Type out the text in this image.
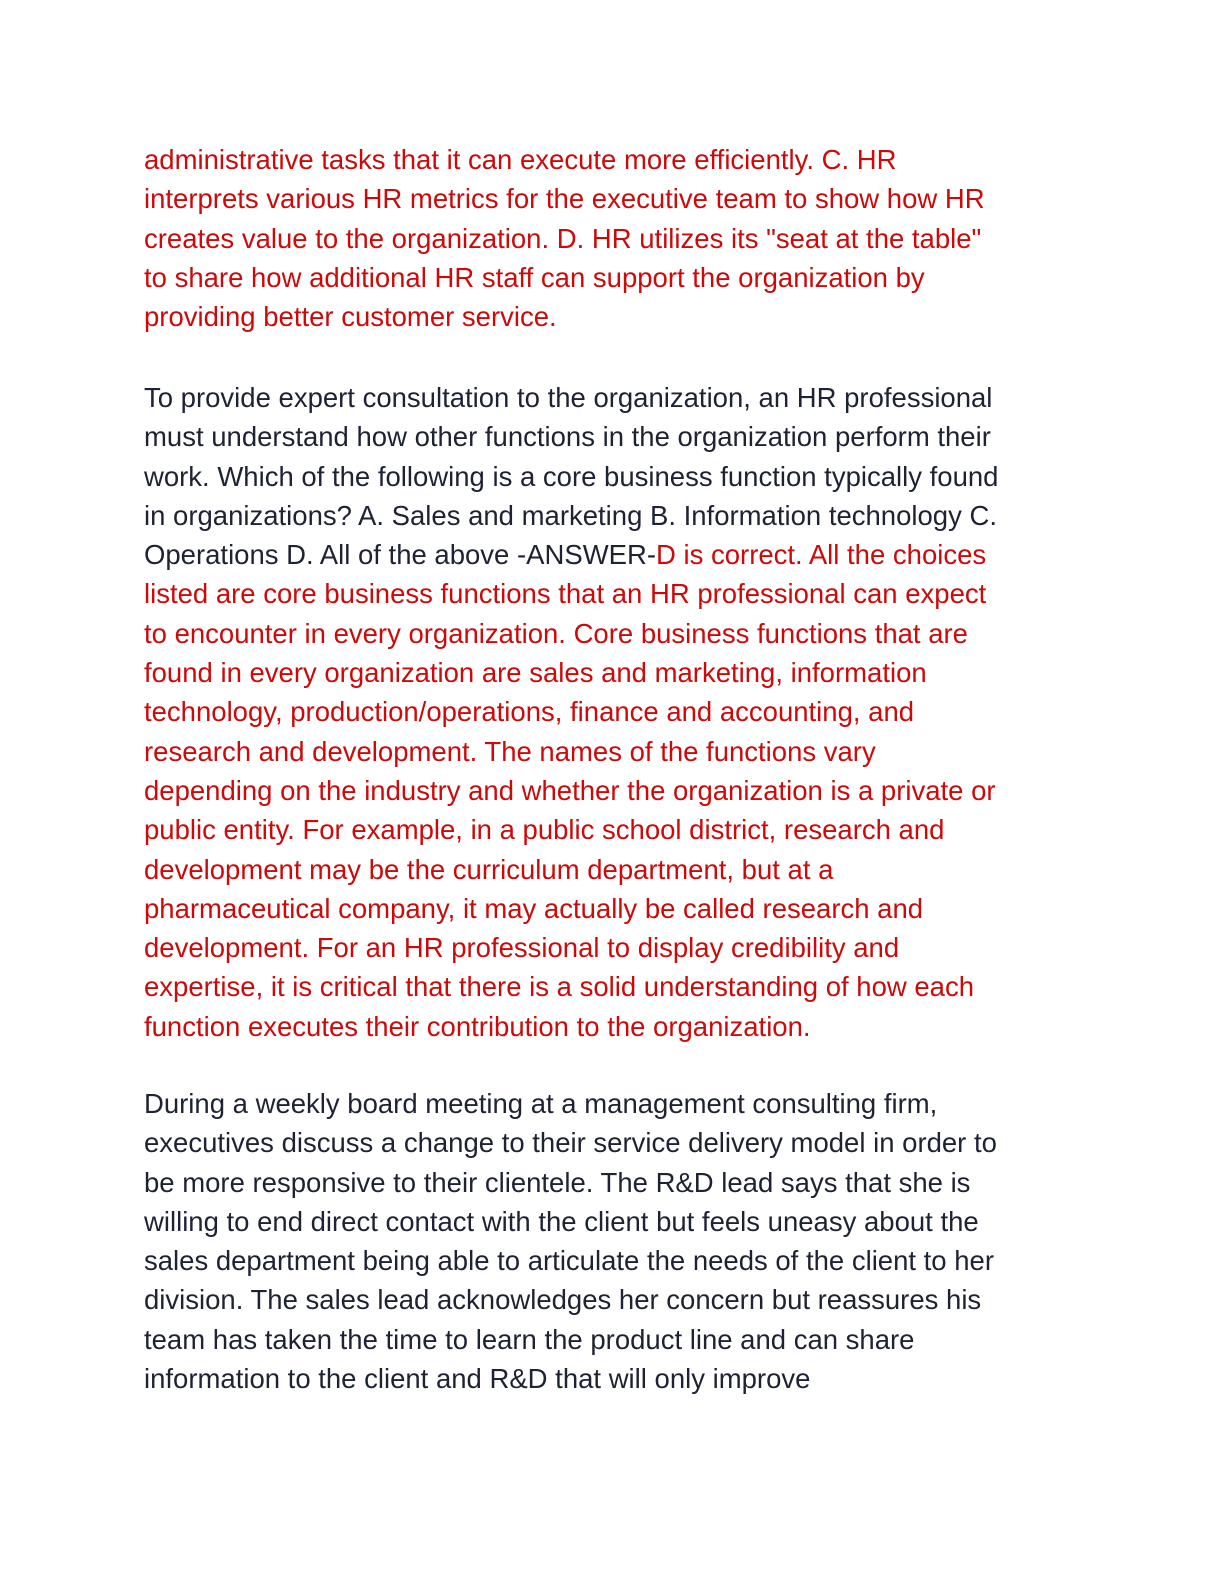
administrative tasks that it can execute more efficiently. C. HR
interprets various HR metrics for the executive team to show how HR
creates value to the organization. D. HR utilizes its "seat at the table"
to share how additional HR staff can support the organization by
providing better customer service.

To provide expert consultation to the organization, an HR professional
must understand how other functions in the organization perform their
work. Which of the following is a core business function typically found
in organizations? A. Sales and marketing B. Information technology C.
Operations D. All of the above -ANSWER-D is correct. All the choices
listed are core business functions that an HR professional can expect
to encounter in every organization. Core business functions that are
found in every organization are sales and marketing, information
technology, production/operations, finance and accounting, and
research and development. The names of the functions vary
depending on the industry and whether the organization is a private or
public entity. For example, in a public school district, research and
development may be the curriculum department, but at a
pharmaceutical company, it may actually be called research and
development. For an HR professional to display credibility and
expertise, it is critical that there is a solid understanding of how each
function executes their contribution to the organization.

During a weekly board meeting at a management consulting firm,
executives discuss a change to their service delivery model in order to
be more responsive to their clientele. The R&D lead says that she is
willing to end direct contact with the client but feels uneasy about the
sales department being able to articulate the needs of the client to her
division. The sales lead acknowledges her concern but reassures his
team has taken the time to learn the product line and can share
information to the client and R&D that will only improve
